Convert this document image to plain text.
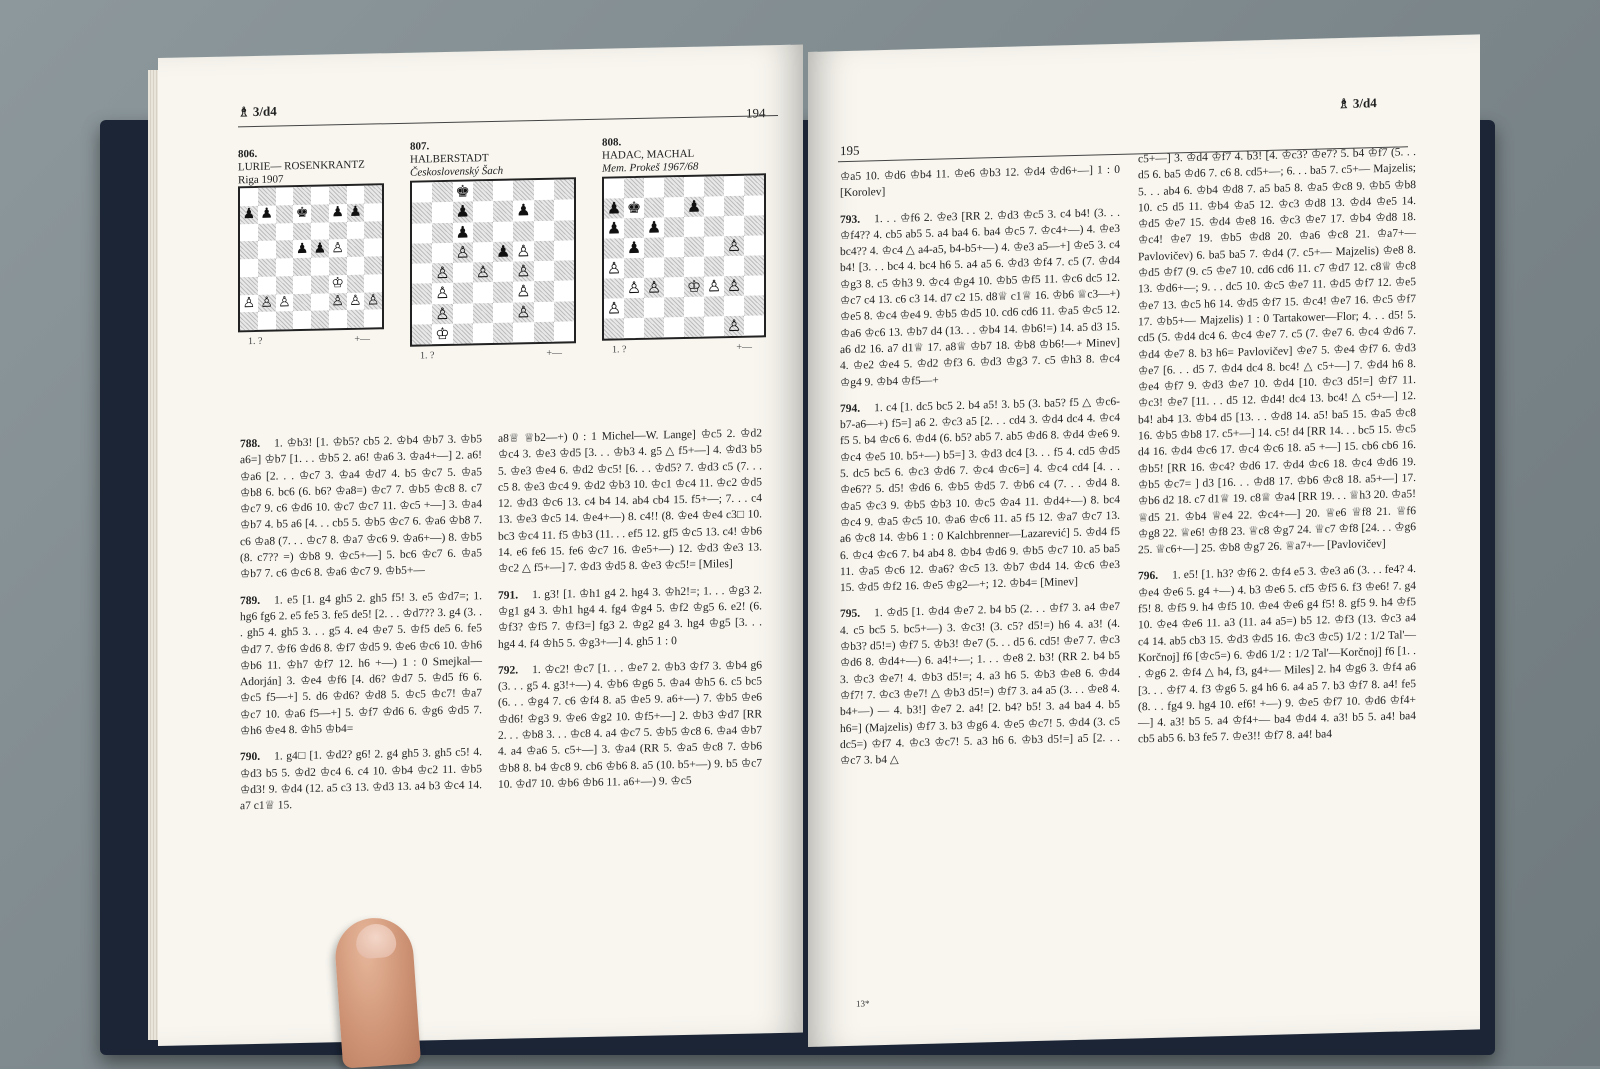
♗ 3/d4	194
806.
LURIE— ROSENKRANTZ
Riga 1907
♟ ♟ ♚ ♟ ♟
♟ ♟ ♙
♔
♙ ♙ ♙	♙ ♙ ♙
1. ?	+—
807.
HALBERSTADT
Československý Šach
♚
♟	♟
♟
♙ ♟ ♙
♙ ♙ ♙
♙	♙
♙	♙
♔
1. ?	+—
808.
HADAC, MACHAL
Mem. Prokeš 1967/68
♟ ♚	♟
♟ ♟
♟	♙
♙
♙ ♙ ♔ ♙ ♙
♙
♙
1. ?	+—

788. 1. ♔b3! [1. ♔b5? cb5 2. ♔b4 ♔b7 3. ♔b5 a6=] ♔b7 [1. . . ♔b5 2. a6! ♔a6 3. ♔a4+—] 2. a6! ♔a6 [2. . . ♔c7 3. ♔a4 ♔d7 4. b5 ♔c7 5. ♔a5 ♔b8 6. bc6 (6. b6? ♔a8=) ♔c7 7. ♔b5 ♔c8 8. c7 ♔c7 9. c6 ♔d6 10. ♔c7 ♔c7 11. ♔c5 +—] 3. ♔a4 ♔b7 4. b5 a6 [4. . . cb5 5. ♔b5 ♔c7 6. ♔a6 ♔b8 7. c6 ♔a8 (7. . . ♔c7 8. ♔a7 ♔c6 9. ♔a6+—) 8. ♔b5 (8. c7?? =) ♔b8 9. ♔c5+—] 5. bc6 ♔c7 6. ♔a5 ♔b7 7. c6 ♔c6 8. ♔a6 ♔c7 9. ♔b5+—

789. 1. e5 [1. g4 gh5 2. gh5 f5! 3. e5 ♔d7=; 1. hg6 fg6 2. e5 fe5 3. fe5 de5! [2. . . ♔d7?? 3. g4 (3. . . gh5 4. gh5 3. . . g5 4. e4 ♔e7 5. ♔f5 de5 6. fe5 ♔d7 7. ♔f6 ♔d6 8. ♔f7 ♔d5 9. ♔e6 ♔c6 10. ♔h6 ♔b6 11. ♔h7 ♔f7 12. h6 +—) 1 : 0 Smejkal—Adorján] 3. ♔e4 ♔f6 [4. d6? ♔d7 5. ♔d5 f6 6. ♔c5 f5—+] 5. d6 ♔d6? ♔d8 5. ♔c5 ♔c7! ♔a7 ♔c7 10. ♔a6 f5—+] 5. ♔f7 ♔d6 6. ♔g6 ♔d5 7. ♔h6 ♔e4 8. ♔h5 ♔b4=

790. 1. g4□ [1. ♔d2? g6! 2. g4 gh5 3. gh5 c5! 4. ♔d3 b5 5. ♔d2 ♔c4 6. c4 10. ♔b4 ♔c2 11. ♔b5 ♔d3! 9. ♔d4 (12. a5 c3 13. ♔d3 13. a4 b3 ♔c4 14. a7 c1♕ 15.

a8♕ ♕b2—+) 0 : 1 Michel—W. Lange] ♔c5 2. ♔d2 ♔c4 3. ♔e3 ♔d5 [3. . . ♔b3 4. g5 △ f5+—] 4. ♔d3 b5 5. ♔e3 ♔e4 6. ♔d2 ♔c5! [6. . . ♔d5? 7. ♔d3 c5 (7. . . c5 8. ♔e3 ♔c4 9. ♔d2 ♔b3 10. ♔c1 ♔c4 11. ♔c2 ♔d5 12. ♔d3 ♔c6 13. c4 b4 14. ab4 cb4 15. f5+—; 7. . . c4 13. ♔e3 ♔c5 14. ♔e4+—) 8. c4!! (8. ♔e4 ♔e4 c3□ 10. bc3 ♔c4 11. f5 ♔b3 (11. . . ef5 12. gf5 ♔c5 13. c4! ♔b6 14. e6 fe6 15. fe6 ♔c7 16. ♔e5+—) 12. ♔d3 ♔e3 13. ♔c2 △ f5+—] 7. ♔d3 ♔d5 8. ♔e3 ♔c5!= [Miles]

791. 1. g3! [1. ♔h1 g4 2. hg4 3. ♔h2!=; 1. . . ♔g3 2. ♔g1 g4 3. ♔h1 hg4 4. fg4 ♔g4 5. ♔f2 ♔g5 6. e2! (6. ♔f3? ♔f5 7. ♔f3=] fg3 2. ♔g2 g4 3. hg4 ♔g5 [3. . . hg4 4. f4 ♔h5 5. ♔g3+—] 4. gh5 1 : 0

792. 1. ♔c2! ♔c7 [1. . . ♔e7 2. ♔b3 ♔f7 3. ♔b4 g6 (3. . . g5 4. g3!+—) 4. ♔b6 ♔g6 5. ♔a4 ♔h5 6. c5 bc5 (6. . . ♔g4 7. c6 ♔f4 8. a5 ♔e5 9. a6+—) 7. ♔b5 ♔e6 ♔d6! ♔g3 9. ♔e6 ♔g2 10. ♔f5+—] 2. ♔b3 ♔d7 [RR 2. . . ♔b8 3. . . ♔c8 4. a4 ♔c7 5. ♔b5 ♔c8 6. ♔a4 ♔b7 4. a4 ♔a6 5. c5+—] 3. ♔a4 (RR 5. ♔a5 ♔c8 7. ♔b6 ♔b8 8. b4 ♔c8 9. cb6 ♔b6 8. a5 (10. b5+—) 9. b5 ♔c7 10. ♔d7 10. ♔b6 ♔b6 11. a6+—) 9. ♔c5

195
♗ 3/d4

♔a5 10. ♔d6 ♔b4 11. ♔e6 ♔b3 12. ♔d4 ♔d6+—] 1 : 0 [Korolev]

793. 1. . . ♔f6 2. ♔e3 [RR 2. ♔d3 ♔c5 3. c4 b4! (3. . . ♔f4?? 4. cb5 ab5 5. a4 ba4 6. ba4 ♔c5 7. ♔c4+—) 4. ♔e3 bc4?? 4. ♔c4 △ a4-a5, b4-b5+—) 4. ♔e3 a5—+] ♔e5 3. c4 b4! [3. . . bc4 4. bc4 h6 5. a4 a5 6. ♔d3 ♔f4 7. c5 (7. ♔d4 ♔g3 8. c5 ♔h3 9. ♔c4 ♔g4 10. ♔b5 ♔f5 11. ♔c6 dc5 12. ♔c7 c4 13. c6 c3 14. d7 c2 15. d8♕ c1♕ 16. ♔b6 ♕c3—+) ♔e5 8. ♔c4 ♔e4 9. ♔b5 ♔d5 10. cd6 cd6 11. ♔a5 ♔c5 12. ♔a6 ♔c6 13. ♔b7 d4 (13. . . ♔b4 14. ♔b6!=) 14. a5 d3 15. a6 d2 16. a7 d1♕ 17. a8♕ ♔b7 18. ♔b8 ♔b6!—+ Minev] 4. ♔e2 ♔e4 5. ♔d2 ♔f3 6. ♔d3 ♔g3 7. c5 ♔h3 8. ♔c4 ♔g4 9. ♔b4 ♔f5—+

794. 1. c4 [1. dc5 bc5 2. b4 a5! 3. b5 (3. ba5? f5 △ ♔c6-b7-a6—+) f5=] a6 2. ♔c3 a5 [2. . . cd4 3. ♔d4 dc4 4. ♔c4 f5 5. b4 ♔c6 6. ♔d4 (6. b5? ab5 7. ab5 ♔d6 8. ♔d4 ♔e6 9. ♔c4 ♔e5 10. b5+—) b5=] 3. ♔d3 dc4 [3. . . f5 4. cd5 ♔d5 5. dc5 bc5 6. ♔c3 ♔d6 7. ♔c4 ♔c6=] 4. ♔c4 cd4 [4. . . ♔e6?? 5. d5! ♔d6 6. ♔b5 ♔d5 7. ♔b6 c4 (7. . . ♔d4 8. ♔a5 ♔c3 9. ♔b5 ♔b3 10. ♔c5 ♔a4 11. ♔d4+—) 8. bc4 ♔c4 9. ♔a5 ♔c5 10. ♔a6 ♔c6 11. a5 f5 12. ♔a7 ♔c7 13. a6 ♔c8 14. ♔b6 1 : 0 Kalchbrenner—Lazarević] 5. ♔d4 f5 6. ♔c4 ♔c6 7. b4 ab4 8. ♔b4 ♔d6 9. ♔b5 ♔c7 10. a5 ba5 11. ♔a5 ♔c6 12. ♔a6? ♔c5 13. ♔b7 ♔d4 14. ♔c6 ♔e3 15. ♔d5 ♔f2 16. ♔e5 ♔g2—+; 12. ♔b4= [Minev]

795. 1. ♔d5 [1. ♔d4 ♔e7 2. b4 b5 (2. . . ♔f7 3. a4 ♔e7 4. c5 bc5 5. bc5+—) 3. ♔c3! (3. c5? d5!=) h6 4. a3! (4. ♔b3? d5!=) ♔f7 5. ♔b3! ♔e7 (5. . . d5 6. cd5! ♔e7 7. ♔c3 ♔d6 8. ♔d4+—) 6. a4!+—; 1. . . ♔e8 2. b3! (RR 2. b4 b5 3. ♔c3 ♔e7! 4. ♔b3 d5!=; 4. a3 h6 5. ♔b3 ♔e8 6. ♔d4 ♔f7! 7. ♔c3 ♔e7! △ ♔b3 d5!=) ♔f7 3. a4 a5 (3. . . ♔e8 4. b4+—) — 4. b3!] ♔e7 2. a4! [2. b4? b5! 3. a4 ba4 4. b5 h6=] (Majzelis) ♔f7 3. b3 ♔g6 4. ♔e5 ♔c7! 5. ♔d4 (3. c5 dc5=) ♔f7 4. ♔c3 ♔c7! 5. a3 h6 6. ♔b3 d5!=] a5 [2. . . ♔c7 3. b4 △

c5+—] 3. ♔d4 ♔f7 4. b3! [4. ♔c3? ♔e7? 5. b4 ♔f7 (5. . . d5 6. ba5 ♔d6 7. c6 8. cd5+—; 6. . . ba5 7. c5+— Majzelis; 5. . . ab4 6. ♔b4 ♔d8 7. a5 ba5 8. ♔a5 ♔c8 9. ♔b5 ♔b8 10. c5 d5 11. ♔b4 ♔a5 12. ♔c3 ♔d8 13. ♔d4 ♔e5 14. ♔d5 ♔e7 15. ♔d4 ♔e8 16. ♔c3 ♔e7 17. ♔b4 ♔d8 18. ♔c4! ♔e7 19. ♔b5 ♔d8 20. ♔a6 ♔c8 21. ♔a7+— Pavlovičev) 6. ba5 ba5 7. ♔d4 (7. c5+— Majzelis) ♔e8 8. ♔d5 ♔f7 (9. c5 ♔e7 10. cd6 cd6 11. c7 ♔d7 12. c8♕ ♔c8 13. ♔d6+—; 9. . . dc5 10. ♔c5 ♔e7 11. ♔d5 ♔f7 12. ♔e5 ♔e7 13. ♔c5 h6 14. ♔d5 ♔f7 15. ♔c4! ♔e7 16. ♔c5 ♔f7 17. ♔b5+— Majzelis) 1 : 0 Tartakower—Flor; 4. . . d5! 5. cd5 (5. ♔d4 dc4 6. ♔c4 ♔e7 7. c5 (7. ♔e7 6. ♔c4 ♔d6 7. ♔d4 ♔e7 8. b3 h6= Pavlovičev] ♔e7 5. ♔e4 ♔f7 6. ♔d3 ♔e7 [6. . . d5 7. ♔d4 dc4 8. bc4! △ c5+—] 7. ♔d4 h6 8. ♔e4 ♔f7 9. ♔d3 ♔e7 10. ♔d4 [10. ♔c3 d5!=] ♔f7 11. ♔c3! ♔e7 [11. . . d5 12. ♔d4! dc4 13. bc4! △ c5+—] 12. b4! ab4 13. ♔b4 d5 [13. . . ♔d8 14. a5! ba5 15. ♔a5 ♔c8 16. ♔b5 ♔b8 17. c5+—] 14. c5! d4 [RR 14. . . bc5 15. ♔c5 d4 16. ♔d4 ♔c6 17. ♔c4 ♔c6 18. a5 +—] 15. cb6 cb6 16. ♔b5! [RR 16. ♔c4? ♔d6 17. ♔d4 ♔c6 18. ♔c4 ♔d6 19. ♔b5 ♔c7= ] d3 [16. . . ♔d8 17. ♔b6 ♔c8 18. a5+—] 17. ♔b6 d2 18. c7 d1♕ 19. c8♕ ♔a4 [RR 19. . . ♕h3 20. ♔a5! ♕d5 21. ♔b4 ♕e4 22. ♔c4+—] 20. ♕e6 ♕f8 21. ♕f6 ♔g8 22. ♕e6! ♔f8 23. ♕c8 ♔g7 24. ♕c7 ♔f8 [24. . . ♔g6 25. ♕c6+—] 25. ♔b8 ♔g7 26. ♕a7+— [Pavlovičev]

796. 1. e5! [1. h3? ♔f6 2. ♔f4 e5 3. ♔e3 a6 (3. . . fe4? 4. ♔e4 ♔e6 5. g4 +—) 4. b3 ♔e6 5. cf5 ♔f5 6. f3 ♔e6! 7. g4 f5! 8. ♔f5 9. h4 ♔f5 10. ♔e4 ♔e6 g4 f5! 8. gf5 9. h4 ♔f5 10. ♔e4 ♔e6 11. a3 (11. a4 a5=) b5 12. ♔f3 (13. ♔c3 a4 c4 14. ab5 cb3 15. ♔d3 ♔d5 16. ♔c3 ♔c5) 1/2 : 1/2 Tal'—Korčnoj] f6 [♔c5=) 6. ♔d6 1/2 : 1/2 Tal'—Korčnoj] f6 [1. . . ♔g6 2. ♔f4 △ h4, f3, g4+— Miles] 2. h4 ♔g6 3. ♔f4 a6 [3. . . ♔f7 4. f3 ♔g6 5. g4 h6 6. a4 a5 7. b3 ♔f7 8. a4! fe5 (8. . . fg4 9. hg4 10. ef6! +—) 9. ♔e5 ♔f7 10. ♔d6 ♔f4+—] 4. a3! b5 5. a4 ♔f4+— ba4 ♔d4 4. a3! b5 5. a4! ba4 cb5 ab5 6. b3 fe5 7. ♔e3!! ♔f7 8. a4! ba4

13*
